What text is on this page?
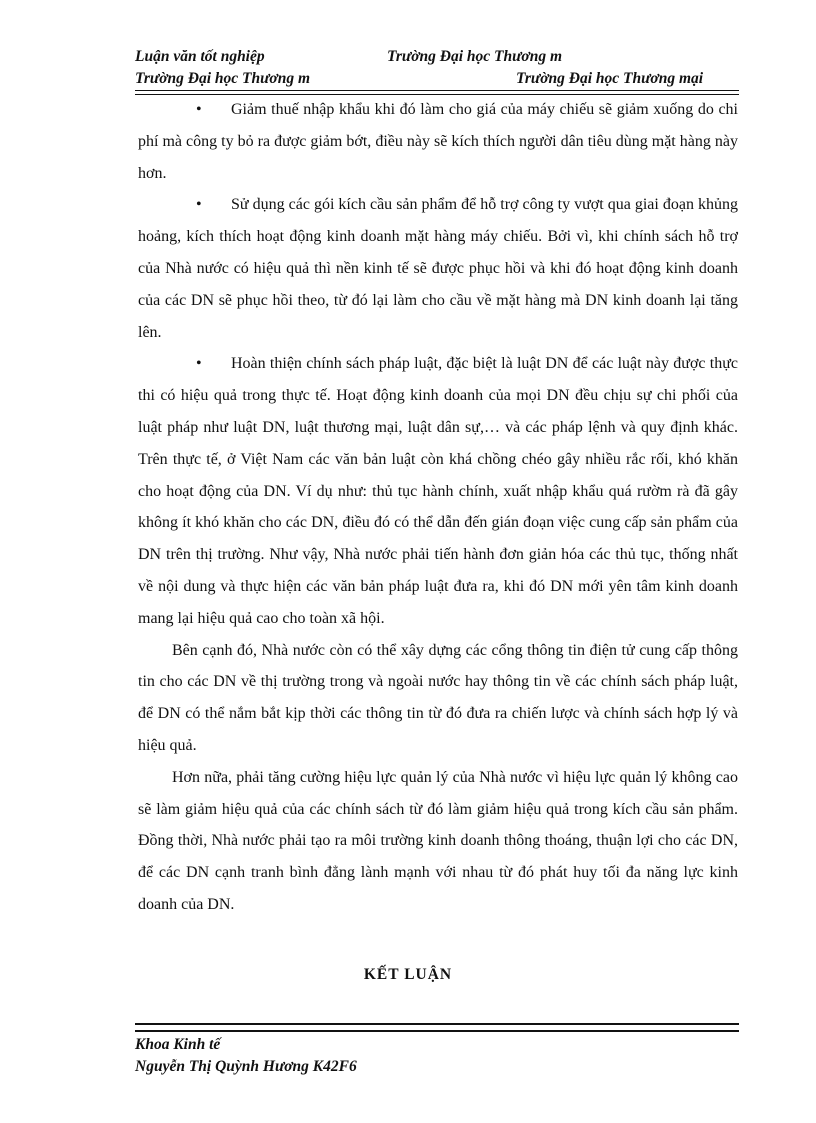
Luận văn tốt nghiệp	Trường Đại học Thương m
Trường Đại học Thương m	Trường Đại học Thương mại

•	Giảm thuế nhập khẩu khi đó làm cho giá của máy chiếu sẽ giảm xuống do chi phí mà công ty bỏ ra được giảm bớt, điều này sẽ kích thích người dân tiêu dùng mặt hàng này hơn.

•	Sử dụng các gói kích cầu sản phẩm để hỗ trợ công ty vượt qua giai đoạn khủng hoảng, kích thích hoạt động kinh doanh mặt hàng máy chiếu. Bởi vì, khi chính sách hỗ trợ của Nhà nước có hiệu quả thì nền kinh tế sẽ được phục hồi và khi đó hoạt động kinh doanh của các DN sẽ phục hồi theo, từ đó lại làm cho cầu về mặt hàng mà DN kinh doanh lại tăng lên.

•	Hoàn thiện chính sách pháp luật, đặc biệt là luật DN để các luật này được thực thi có hiệu quả trong thực tế. Hoạt động kinh doanh của mọi DN đều chịu sự chi phối của luật pháp như luật DN, luật thương mại, luật dân sự,… và các pháp lệnh và quy định khác. Trên thực tế, ở Việt Nam các văn bản luật còn khá chồng chéo gây nhiều rắc rối, khó khăn cho hoạt động của DN. Ví dụ như: thủ tục hành chính, xuất nhập khẩu quá rườm rà đã gây không ít khó khăn cho các DN, điều đó có thể dẫn đến gián đoạn việc cung cấp sản phẩm của DN trên thị trường. Như vậy, Nhà nước phải tiến hành đơn giản hóa các thủ tục, thống nhất về nội dung và thực hiện các văn bản pháp luật đưa ra, khi đó DN mới yên tâm kinh doanh mang lại hiệu quả cao cho toàn xã hội.

Bên cạnh đó, Nhà nước còn có thể xây dựng các cổng thông tin điện tử cung cấp thông tin cho các DN về thị trường trong và ngoài nước hay thông tin về các chính sách pháp luật, để DN có thể nắm bắt kịp thời các thông tin từ đó đưa ra chiến lược và chính sách hợp lý và hiệu quả.

Hơn nữa, phải tăng cường hiệu lực quản lý của Nhà nước vì hiệu lực quản lý không cao sẽ làm giảm hiệu quả của các chính sách từ đó làm giảm hiệu quả trong kích cầu sản phẩm. Đồng thời, Nhà nước phải tạo ra môi trường kinh doanh thông thoáng, thuận lợi cho các DN, để các DN cạnh tranh bình đẳng lành mạnh với nhau từ đó phát huy tối đa năng lực kinh doanh của DN.

KẾT LUẬN
Khoa Kinh tế
Nguyễn Thị Quỳnh Hương K42F6
